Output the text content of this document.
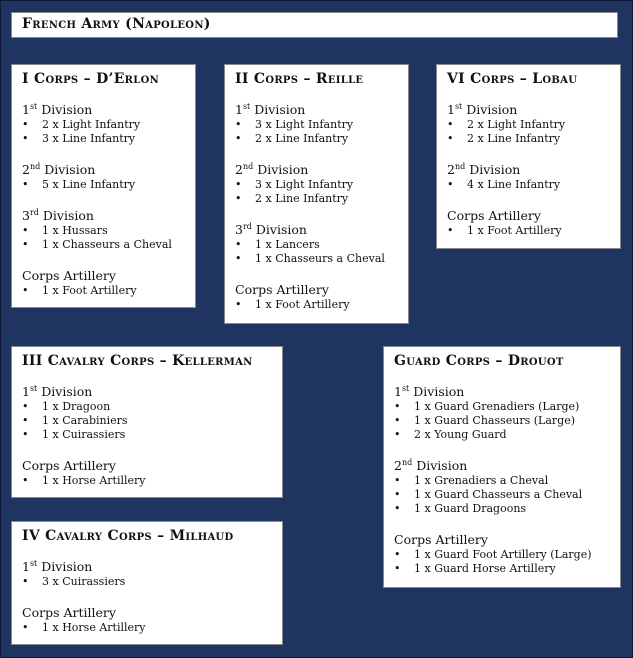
French Army (Napoleon)
I Corps – D’Erlon
1st Division
•	2 x Light Infantry
•	3 x Line Infantry
2nd Division
•	5 x Line Infantry
3rd Division
•	1 x Hussars
•	1 x Chasseurs a Cheval
Corps Artillery
•	1 x Foot Artillery
II Corps – Reille
1st Division
•	3 x Light Infantry
•	2 x Line Infantry
2nd Division
•	3 x Light Infantry
•	2 x Line Infantry
3rd Division
•	1 x Lancers
•	1 x Chasseurs a Cheval
Corps Artillery
•	1 x Foot Artillery
VI Corps – Lobau
1st Division
•	2 x Light Infantry
•	2 x Line Infantry
2nd Division
•	4 x Line Infantry
Corps Artillery
•	1 x Foot Artillery
III Cavalry Corps – Kellerman
1st Division
•	1 x Dragoon
•	1 x Carabiniers
•	1 x Cuirassiers
Corps Artillery
•	1 x Horse Artillery
IV Cavalry Corps – Milhaud
1st Division
•	3 x Cuirassiers
Corps Artillery
•	1 x Horse Artillery
Guard Corps – Drouot
1st Division
•	1 x Guard Grenadiers (Large)
•	1 x Guard Chasseurs (Large)
•	2 x Young Guard
2nd Division
•	1 x Grenadiers a Cheval
•	1 x Guard Chasseurs a Cheval
•	1 x Guard Dragoons
Corps Artillery
•	1 x Guard Foot Artillery (Large)
•	1 x Guard Horse Artillery
